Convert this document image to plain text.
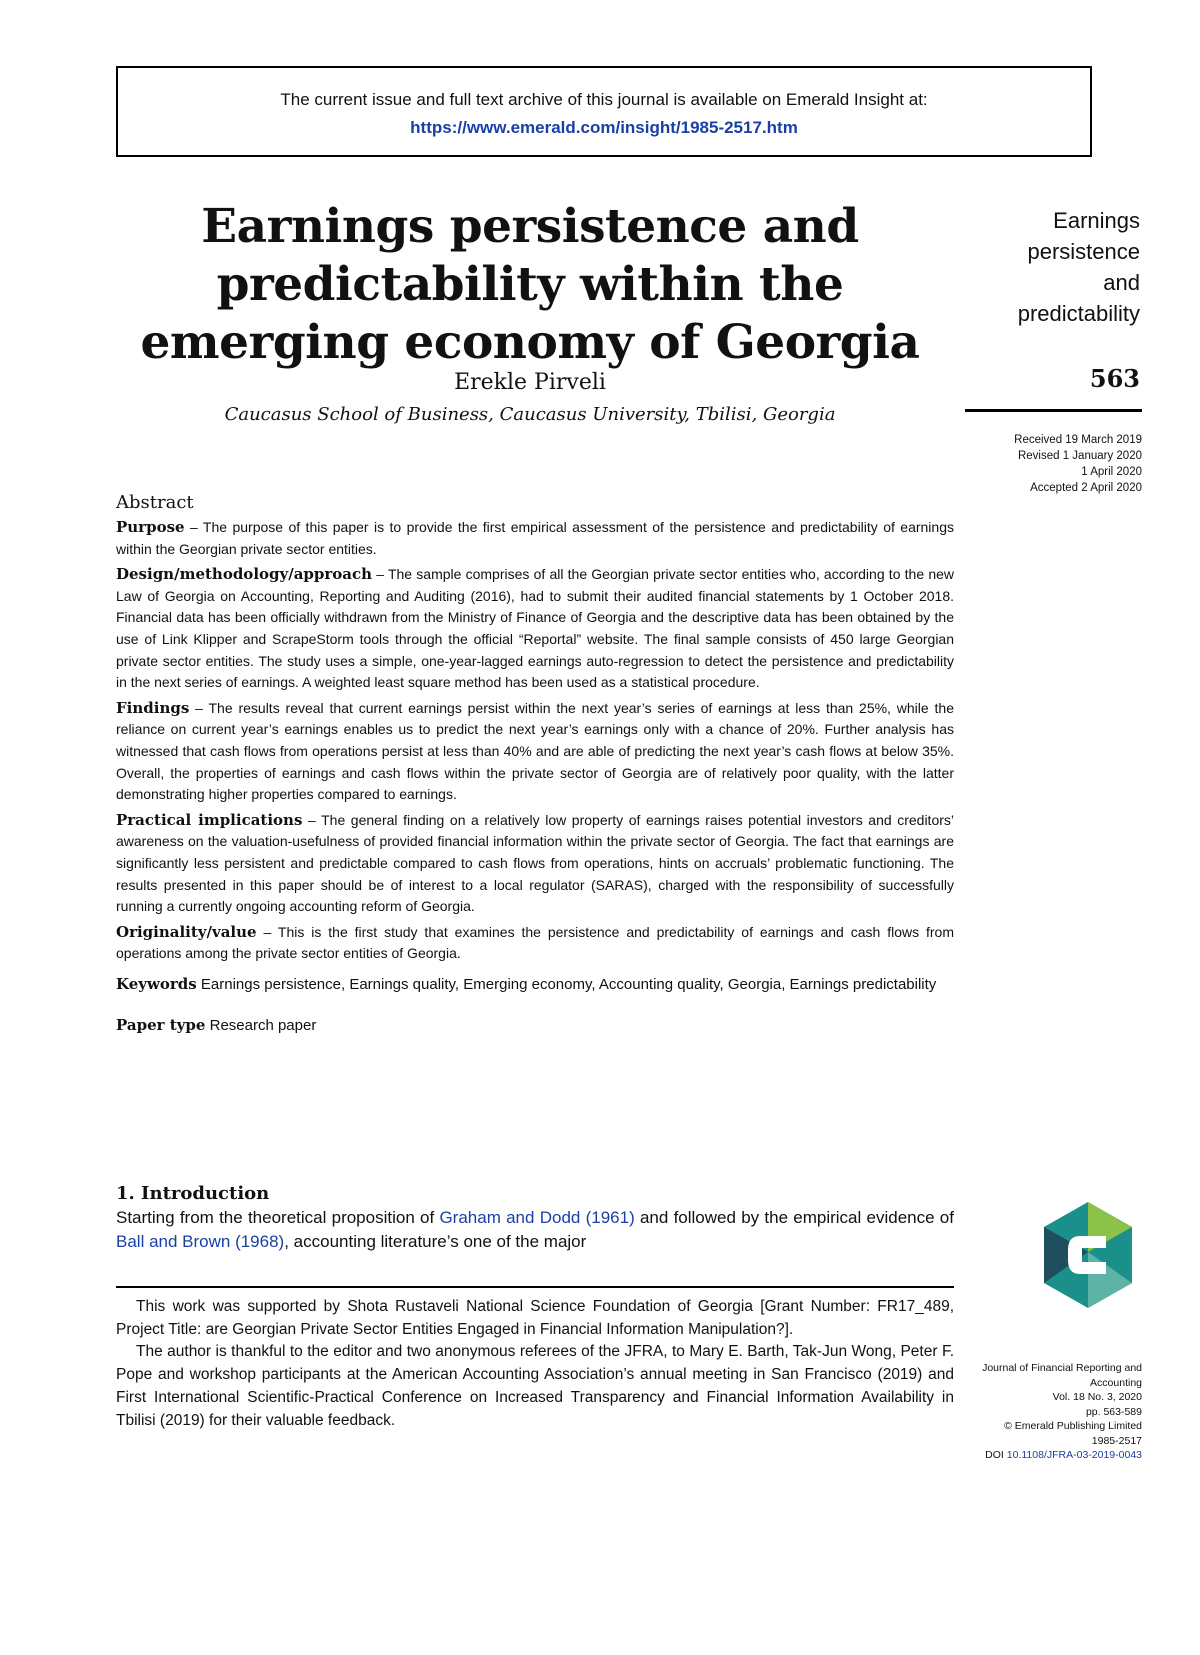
The current issue and full text archive of this journal is available on Emerald Insight at:
https://www.emerald.com/insight/1985-2517.htm
Earnings persistence and predictability within the emerging economy of Georgia
Erekle Pirveli
Caucasus School of Business, Caucasus University, Tbilisi, Georgia
Earnings
persistence
and
predictability
563
Received 19 March 2019
Revised 1 January 2020
1 April 2020
Accepted 2 April 2020
Abstract

Purpose – The purpose of this paper is to provide the first empirical assessment of the persistence and predictability of earnings within the Georgian private sector entities.

Design/methodology/approach – The sample comprises of all the Georgian private sector entities who, according to the new Law of Georgia on Accounting, Reporting and Auditing (2016), had to submit their audited financial statements by 1 October 2018. Financial data has been officially withdrawn from the Ministry of Finance of Georgia and the descriptive data has been obtained by the use of Link Klipper and ScrapeStorm tools through the official “Reportal” website. The final sample consists of 450 large Georgian private sector entities. The study uses a simple, one-year-lagged earnings auto-regression to detect the persistence and predictability in the next series of earnings. A weighted least square method has been used as a statistical procedure.

Findings – The results reveal that current earnings persist within the next year’s series of earnings at less than 25%, while the reliance on current year’s earnings enables us to predict the next year’s earnings only with a chance of 20%. Further analysis has witnessed that cash flows from operations persist at less than 40% and are able of predicting the next year’s cash flows at below 35%. Overall, the properties of earnings and cash flows within the private sector of Georgia are of relatively poor quality, with the latter demonstrating higher properties compared to earnings.

Practical implications – The general finding on a relatively low property of earnings raises potential investors and creditors’ awareness on the valuation-usefulness of provided financial information within the private sector of Georgia. The fact that earnings are significantly less persistent and predictable compared to cash flows from operations, hints on accruals’ problematic functioning. The results presented in this paper should be of interest to a local regulator (SARAS), charged with the responsibility of successfully running a currently ongoing accounting reform of Georgia.

Originality/value – This is the first study that examines the persistence and predictability of earnings and cash flows from operations among the private sector entities of Georgia.

Keywords Earnings persistence, Earnings quality, Emerging economy, Accounting quality, Georgia, Earnings predictability

Paper type Research paper

1. Introduction

Starting from the theoretical proposition of Graham and Dodd (1961) and followed by the empirical evidence of Ball and Brown (1968), accounting literature’s one of the major

This work was supported by Shota Rustaveli National Science Foundation of Georgia [Grant Number: FR17_489, Project Title: are Georgian Private Sector Entities Engaged in Financial Information Manipulation?].

The author is thankful to the editor and two anonymous referees of the JFRA, to Mary E. Barth, Tak-Jun Wong, Peter F. Pope and workshop participants at the American Accounting Association’s annual meeting in San Francisco (2019) and First International Scientific-Practical Conference on Increased Transparency and Financial Information Availability in Tbilisi (2019) for their valuable feedback.

Journal of Financial Reporting and
Accounting
Vol. 18 No. 3, 2020
pp. 563-589
© Emerald Publishing Limited
1985-2517
DOI 10.1108/JFRA-03-2019-0043
